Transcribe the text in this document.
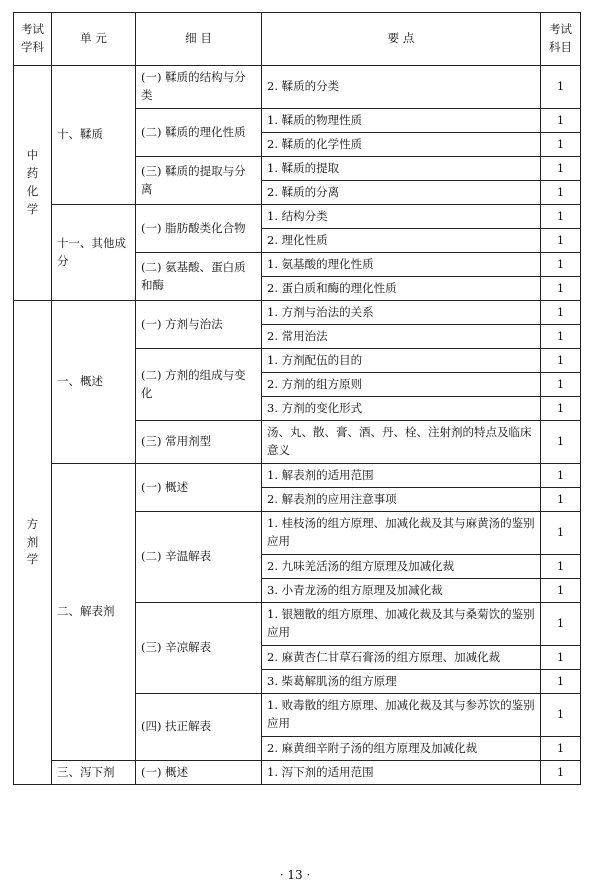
考试学科	单 元	细 目	要 点	考试科目
中药化学	十、鞣质	(一) 鞣质的结构与分类	2. 鞣质的分类	1
		(二) 鞣质的理化性质	1. 鞣质的物理性质	1
			2. 鞣质的化学性质	1
		(三) 鞣质的提取与分离	1. 鞣质的提取	1
			2. 鞣质的分离	1
	十一、其他成分	(一) 脂肪酸类化合物	1. 结构分类	1
			2. 理化性质	1
		(二) 氨基酸、蛋白质和酶	1. 氨基酸的理化性质	1
			2. 蛋白质和酶的理化性质	1
方剂学	一、概述	(一) 方剂与治法	1. 方剂与治法的关系	1
			2. 常用治法	1
		(二) 方剂的组成与变化	1. 方剂配伍的目的	1
			2. 方剂的组方原则	1
			3. 方剂的变化形式	1
		(三) 常用剂型	汤、丸、散、膏、酒、丹、栓、注射剂的特点及临床意义	1
	二、解表剂	(一) 概述	1. 解表剂的适用范围	1
			2. 解表剂的应用注意事项	1
		(二) 辛温解表	1. 桂枝汤的组方原理、加减化裁及其与麻黄汤的鉴别应用	1
			2. 九味羌活汤的组方原理及加减化裁	1
			3. 小青龙汤的组方原理及加减化裁	1
		(三) 辛凉解表	1. 银翘散的组方原理、加减化裁及其与桑菊饮的鉴别应用	1
			2. 麻黄杏仁甘草石膏汤的组方原理、加减化裁	1
			3. 柴葛解肌汤的组方原理	1
		(四) 扶正解表	1. 败毒散的组方原理、加减化裁及其与参苏饮的鉴别应用	1
			2. 麻黄细辛附子汤的组方原理及加减化裁	1
	三、泻下剂	(一) 概述	1. 泻下剂的适用范围	1
· 13 ·
